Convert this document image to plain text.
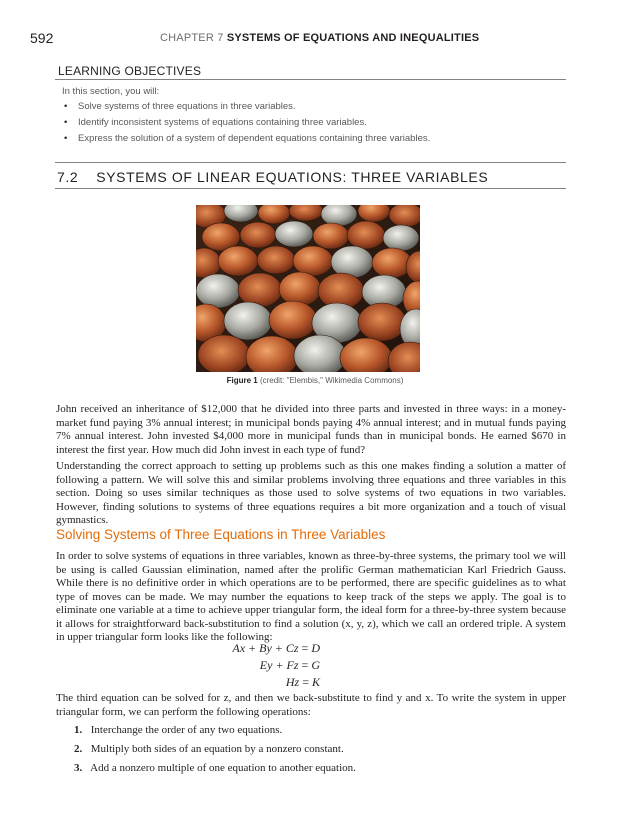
592	CHAPTER 7 SYSTEMS OF EQUATIONS AND INEQUALITIES
LEARNING OBJECTIVES
In this section, you will:
• Solve systems of three equations in three variables.
• Identify inconsistent systems of equations containing three variables.
• Express the solution of a system of dependent equations containing three variables.
7.2 SYSTEMS OF LINEAR EQUATIONS: THREE VARIABLES
Figure 1 (credit: "Elembis," Wikimedia Commons)

John received an inheritance of $12,000 that he divided into three parts and invested in three ways: in a money-market fund paying 3% annual interest; in municipal bonds paying 4% annual interest; and in mutual funds paying 7% annual interest. John invested $4,000 more in municipal funds than in municipal bonds. He earned $670 in interest the first year. How much did John invest in each type of fund?

Understanding the correct approach to setting up problems such as this one makes finding a solution a matter of following a pattern. We will solve this and similar problems involving three equations and three variables in this section. Doing so uses similar techniques as those used to solve systems of two equations in two variables. However, finding solutions to systems of three equations requires a bit more organization and a touch of visual gymnastics.

Solving Systems of Three Equations in Three Variables

In order to solve systems of equations in three variables, known as three-by-three systems, the primary tool we will be using is called Gaussian elimination, named after the prolific German mathematician Karl Friedrich Gauss. While there is no definitive order in which operations are to be performed, there are specific guidelines as to what type of moves can be made. We may number the equations to keep track of the steps we apply. The goal is to eliminate one variable at a time to achieve upper triangular form, the ideal form for a three-by-three system because it allows for straightforward back-substitution to find a solution (x, y, z), which we call an ordered triple. A system in upper triangular form looks like the following:

Ax + By + Cz = D
Ey + Fz = G
Hz = K

The third equation can be solved for z, and then we back-substitute to find y and x. To write the system in upper triangular form, we can perform the following operations:

1. Interchange the order of any two equations.
2. Multiply both sides of an equation by a nonzero constant.
3. Add a nonzero multiple of one equation to another equation.
